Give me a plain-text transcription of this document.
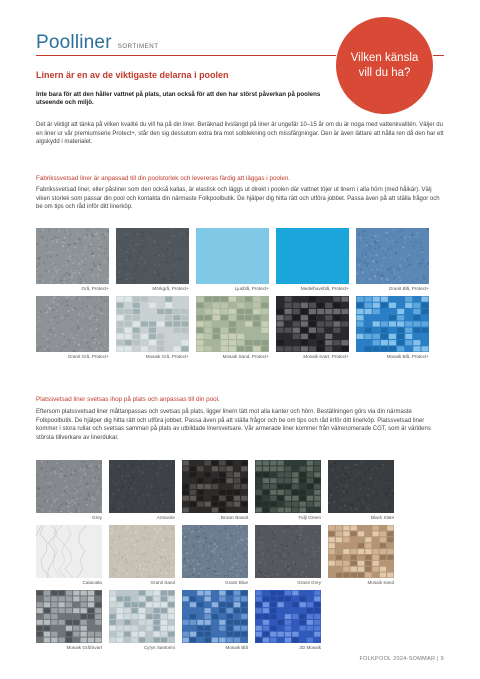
Poolliner SORTIMENT
Vilken känsla vill du ha?
Linern är en av de viktigaste delarna i poolen
Inte bara för att den håller vattnet på plats, utan också för att den har störst påverkan på poolens utseende och miljö.
Det är viktigt att tänka på vilken kvalité du vill ha på din liner. Beräknad livslängd på liner är ungefär 10–15 år om du är noga med vattenkvalitén. Väljer du en liner ur vår premiumserie Protect+, står den sig dessutom extra bra mot solblekning och missfärgningar. Den är även lättare att hålla ren då den har ett algskydd i materialet.
Fabrikssvetsad liner är anpassad till din poolstorlek och levereras färdig att läggas i poolen.
Fabrikssvetsad liner, eller påsliner som den också kallas, är elastisk och läggs ut direkt i poolen där vattnet töjer ut linern i alla hörn (med håikär). Välj viken storlek som passar din pool och kontakta din närmaste Folkpoolbutik. De hjälper dig hitta rätt och utföra jobbet. Passa även på att ställa frågor och be om tips och råd inför ditt linerköp.
Grå, Protect+	Mörkgrå, Protect+	Ljusblå, Protect+	Medelhavsblå, Protect+	Granit Blå, Protect+
Granit Grå, Protect+	Mosaik Grå, Protect+	Mosaik Sand, Protect+	Mosaik svart, Protect+	Mosaik Blå, Protect+
Platssvetsad liner svetsas ihop på plats och anpassas till din pool.
Eftersom platssvetsad liner måttanpassas och svetsas på plats, ligger linern tätt mot alla kanter och hörn. Beställningen görs via din närmaste Folkpoolbutik. De hjälper dig hitta rätt och utföra jobbet. Passa även på att ställa frågor och be om tips och råd inför ditt linerköp. Platssvetsad liner kommer i stora rullar och svetsas samman på plats av utbildade linersvetsare. Vår armerade liner kommer från välrenomerade CGT, som är världens största tillverkare av linerdukar.
Grey	Antracite	Brown Basalt	Fidji Green	Black Slate
Calacatta	Granit Sand	Granit Blue	Granit Grey	Mosaik Sand
Mosaik Grå/Svart	Cyrys Santorini	Mosaik Blå	3D Mosaik
FOLKPOOL 2024-SOMMAR | 9
